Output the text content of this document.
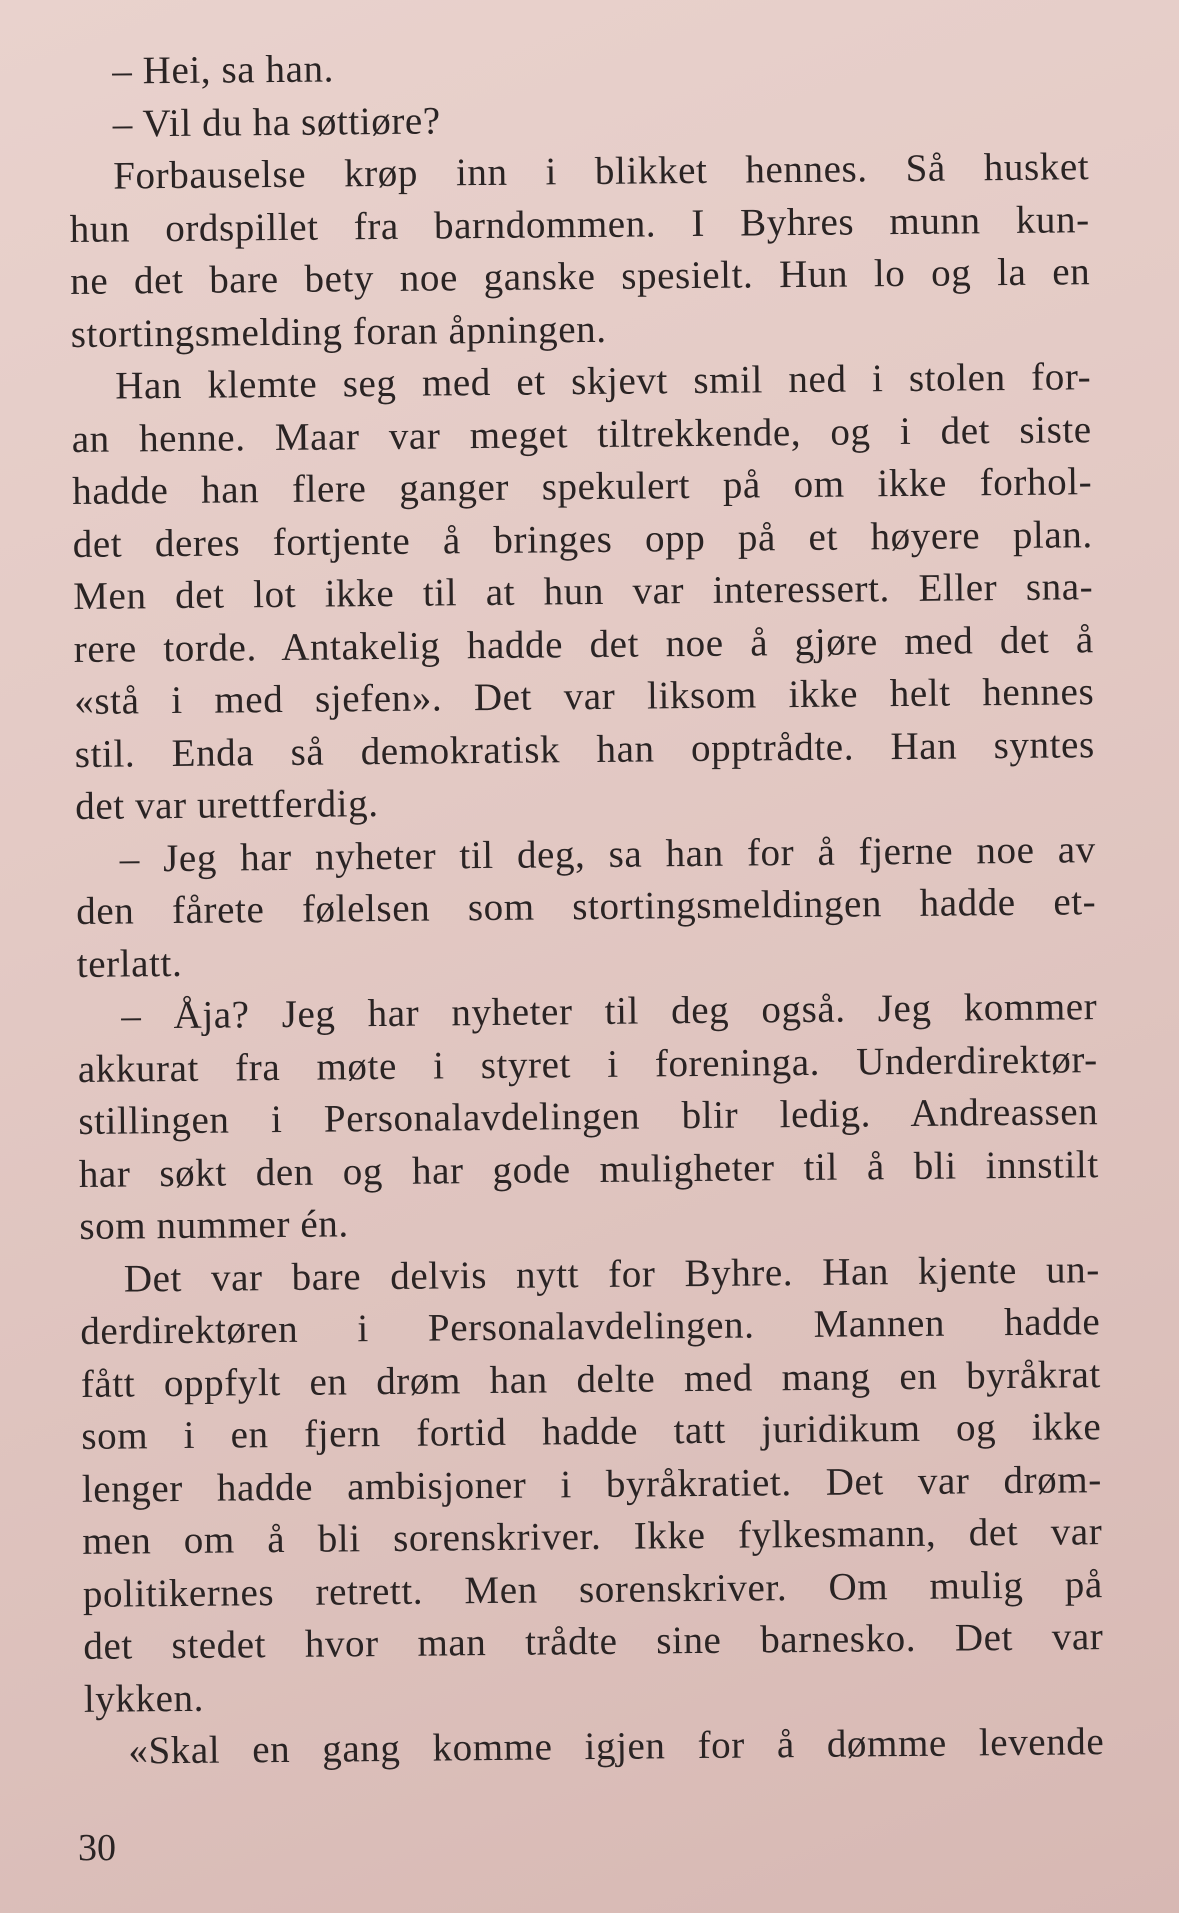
– Hei, sa han.
– Vil du ha søttiøre?
Forbauselse krøp inn i blikket hennes. Så husket
hun ordspillet fra barndommen. I Byhres munn kun-
ne det bare bety noe ganske spesielt. Hun lo og la en
stortingsmelding foran åpningen.
Han klemte seg med et skjevt smil ned i stolen for-
an henne. Maar var meget tiltrekkende, og i det siste
hadde han flere ganger spekulert på om ikke forhol-
det deres fortjente å bringes opp på et høyere plan.
Men det lot ikke til at hun var interessert. Eller sna-
rere torde. Antakelig hadde det noe å gjøre med det å
«stå i med sjefen». Det var liksom ikke helt hennes
stil. Enda så demokratisk han opptrådte. Han syntes
det var urettferdig.
– Jeg har nyheter til deg, sa han for å fjerne noe av
den fårete følelsen som stortingsmeldingen hadde et-
terlatt.
– Åja? Jeg har nyheter til deg også. Jeg kommer
akkurat fra møte i styret i foreninga. Underdirektør-
stillingen i Personalavdelingen blir ledig. Andreassen
har søkt den og har gode muligheter til å bli innstilt
som nummer én.
Det var bare delvis nytt for Byhre. Han kjente un-
derdirektøren i Personalavdelingen. Mannen hadde
fått oppfylt en drøm han delte med mang en byråkrat
som i en fjern fortid hadde tatt juridikum og ikke
lenger hadde ambisjoner i byråkratiet. Det var drøm-
men om å bli sorenskriver. Ikke fylkesmann, det var
politikernes retrett. Men sorenskriver. Om mulig på
det stedet hvor man trådte sine barnesko. Det var
lykken.
«Skal en gang komme igjen for å dømme levende
30
